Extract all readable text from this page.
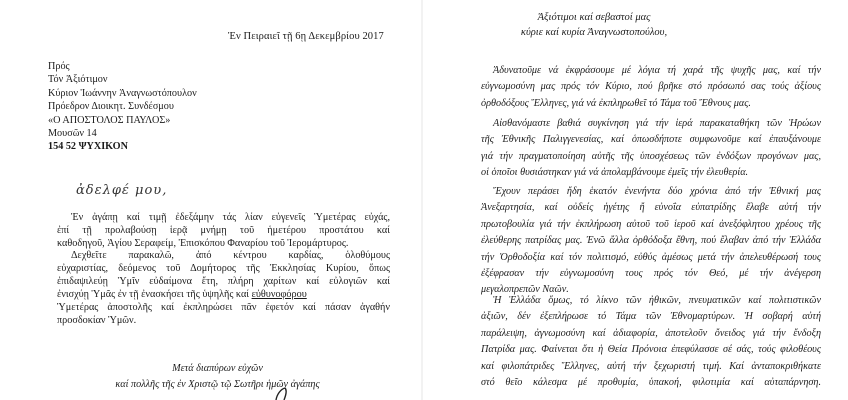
Ἐν Πειραιεῖ τῇ 6ῃ Δεκεμβρίου 2017
Πρός
Τόν Ἀξιότιμον
Κύριον Ἰωάννην Ἀναγνωστόπουλον
Πρόεδρον Διοικητ. Συνδέσμου
«Ο ΑΠΟΣΤΟΛΟΣ ΠΑΥΛΟΣ»
Μουσῶν 14
154 52 ΨΥΧΙΚΟΝ
ἀδελφέ μου,
Ἐν ἀγάπῃ καί τιμῇ ἐδεξάμην τάς λίαν εὐγενεῖς Ὑμετέρας εὐχάς,
ἐπί τῇ προλαβούσῃ ἱερᾷ μνήμῃ τοῦ ἡμετέρου προστάτου καί
καθοδηγοῦ, Ἁγίου Σεραφείμ, Ἐπισκόπου Φαναρίου τοῦ Ἱερομάρτυρος.
Δεχθεῖτε παρακαλῶ, ἀπό κέντρου καρδίας, ὁλοθύμους
εὐχαριστίας, δεόμενος τοῦ Δομήτορος τῆς Ἐκκλησίας Κυρίου, ὅπως
ἐπιδαψιλεύῃ Ὑμῖν εὐδαίμονα ἔτη, πλήρη χαρίτων καί εὐλογιῶν καί
ἐνισχύῃ Ὑμᾶς ἐν τῇ ἐνασκήσει τῆς ὑψηλῆς καί εὐθυνοφόρου
Ὑμετέρας ἀποστολῆς καί ἐκπληρώσει πᾶν ἐφετόν καί πάσαν ἀγαθήν
προσδοκίαν Ὑμῶν.
Μετά διαπύρων εὐχῶν
καί πολλῆς τῆς ἐν Χριστῷ τῷ Σωτῆρι ἡμῶν ἀγάπης
Ἀξιότιμοι καί σεβαστοί μας
κύριε καί κυρία Ἀναγνωστοπούλου,
Ἀδυνατοῦμε νά ἐκφράσουμε μέ λόγια τή χαρά τῆς ψυχῆς μας, καί τήν
εὐγνωμοσύνη μας πρός τόν Κύριο, πού βρῆκε στό πρόσωπό σας τούς ἀξίους
ὀρθοδόξους Ἕλληνες, γιά νά ἐκπληρωθεῖ τό Τάμα τοῦ Ἔθνους μας.
Αἰσθανόμαστε βαθιά συγκίνηση γιά τήν ἱερά παρακαταθήκη τῶν Ἡρώων
τῆς Ἐθνικῆς Παλιγγενεσίας, καί ὁπωσδήποτε συμφωνοῦμε καί ἐπαυξάνουμε
γιά τήν πραγματοποίηση αὐτῆς τῆς ὑποσχέσεως τῶν ἐνδόξων προγόνων μας,
οἱ ὁποῖοι θυσιάστηκαν γιά νά ἀπολαμβάνουμε ἐμεῖς τήν ἐλευθερία.
Ἔχουν περάσει ἤδη ἑκατόν ἐνενήντα δύο χρόνια ἀπό τήν Ἐθνική μας
Ἀνεξαρτησία, καί οὐδείς ἡγέτης ἤ εὐνοΐα εὐπατρίδης ἔλαβε αὐτή τήν
πρωτοβουλία γιά τήν ἐκπλήρωση αὐτοῦ τοῦ ἱεροῦ καί ἀνεξόφλητου χρέους τῆς
ἐλεύθερης πατρίδας μας. Ἐνῶ ἄλλα ὀρθόδοξα ἔθνη, πού ἔλαβαν ἀπό τήν Ἑλλάδα
τήν Ὀρθοδοξία καί τόν πολιτισμό, εὐθύς ἀμέσως μετά τήν ἀπελευθέρωσή τους
ἐξέφρασαν τήν εὐγνωμοσύνη τους πρός τόν Θεό, μέ τήν ἀνέγερση
μεγαλοπρεπῶν Ναῶν.
Ἡ Ἑλλάδα ὅμως, τό λίκνο τῶν ἠθικῶν, πνευματικῶν καί πολιτιστικῶν
ἀξιῶν, δέν ἐξεπλήρωσε τό Τάμα τῶν Ἐθνομαρτύρων. Ἡ σοβαρή αὐτή
παράλειψη, ἀγνωμοσύνη καί ἀδιαφορία, ἀποτελοῦν ὄνειδος γιά τήν ἔνδοξη
Πατρίδα μας. Φαίνεται ὅτι ἡ Θεία Πρόνοια ἐπεφύλασσε σέ σάς, τούς φιλοθέους
καί φιλοπάτριδες Ἕλληνες, αὐτή τήν ξεχωριστή τιμή. Καί ἀνταποκριθήκατε
στό θεῖο κάλεσμα μέ προθυμία, ὑπακοή, φιλοτιμία καί αὐταπάρνηση.
